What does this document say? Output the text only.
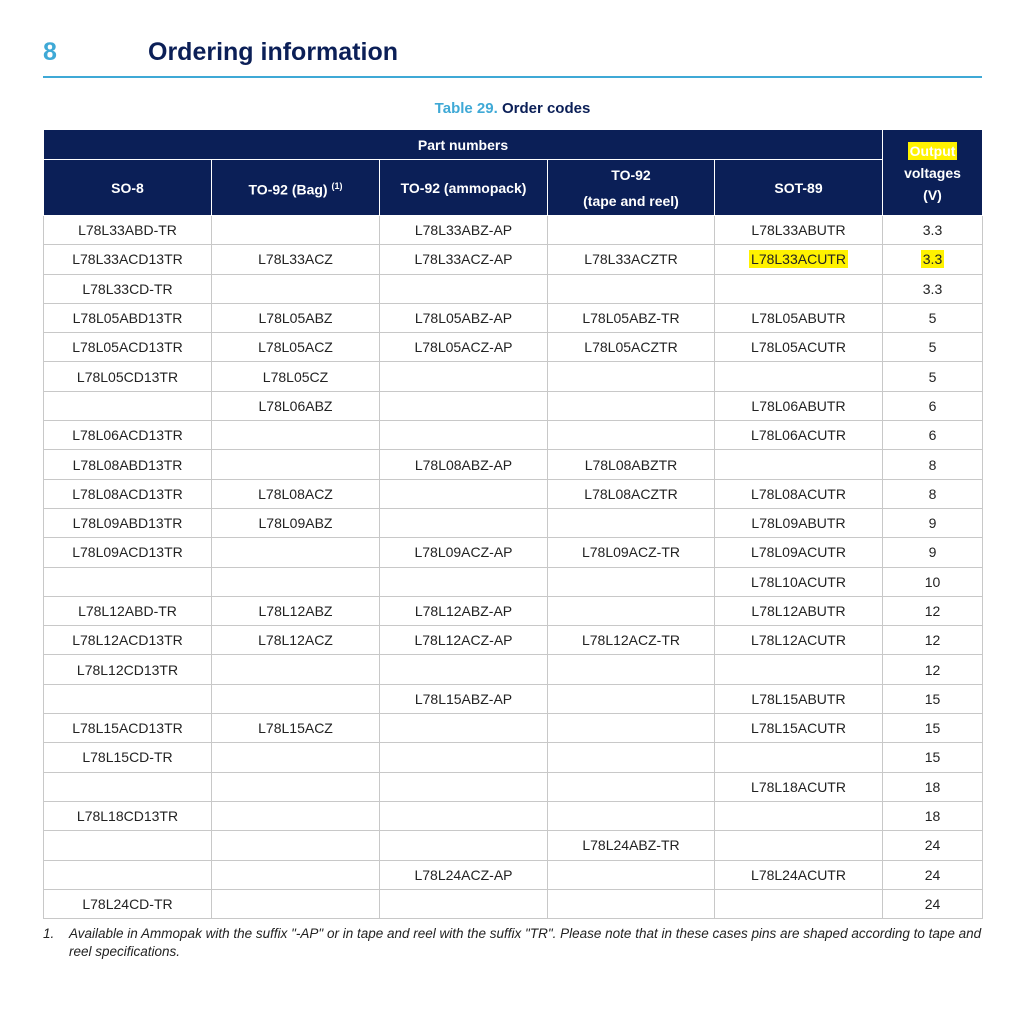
8	Ordering information
Table 29. Order codes
Part numbers					Output
voltages
(V)
SO-8	TO-92 (Bag) $^{(1)}$	TO-92 (ammopack)	TO-92
(tape and reel)	SOT-89	
L78L33ABD-TR		L78L33ABZ-AP		L78L33ABUTR	3.3
L78L33ACD13TR	L78L33ACZ	L78L33ACZ-AP	L78L33ACZTR	L78L33ACUTR	3.3
L78L33CD-TR					3.3
L78L05ABD13TR	L78L05ABZ	L78L05ABZ-AP	L78L05ABZ-TR	L78L05ABUTR	5
L78L05ACD13TR	L78L05ACZ	L78L05ACZ-AP	L78L05ACZTR	L78L05ACUTR	5
L78L05CD13TR	L78L05CZ				5
	L78L06ABZ			L78L06ABUTR	6
L78L06ACD13TR				L78L06ACUTR	6
L78L08ABD13TR		L78L08ABZ-AP	L78L08ABZTR		8
L78L08ACD13TR	L78L08ACZ		L78L08ACZTR	L78L08ACUTR	8
L78L09ABD13TR	L78L09ABZ			L78L09ABUTR	9
L78L09ACD13TR		L78L09ACZ-AP	L78L09ACZ-TR	L78L09ACUTR	9
				L78L10ACUTR	10
L78L12ABD-TR	L78L12ABZ	L78L12ABZ-AP		L78L12ABUTR	12
L78L12ACD13TR	L78L12ACZ	L78L12ACZ-AP	L78L12ACZ-TR	L78L12ACUTR	12
L78L12CD13TR					12
		L78L15ABZ-AP		L78L15ABUTR	15
L78L15ACD13TR	L78L15ACZ			L78L15ACUTR	15
L78L15CD-TR					15
				L78L18ACUTR	18
L78L18CD13TR					18
			L78L24ABZ-TR		24
		L78L24ACZ-AP		L78L24ACUTR	24
L78L24CD-TR					24
1. Available in Ammopak with the suffix "-AP" or in tape and reel with the suffix "TR". Please note that in these cases pins are shaped according to tape and reel specifications.
